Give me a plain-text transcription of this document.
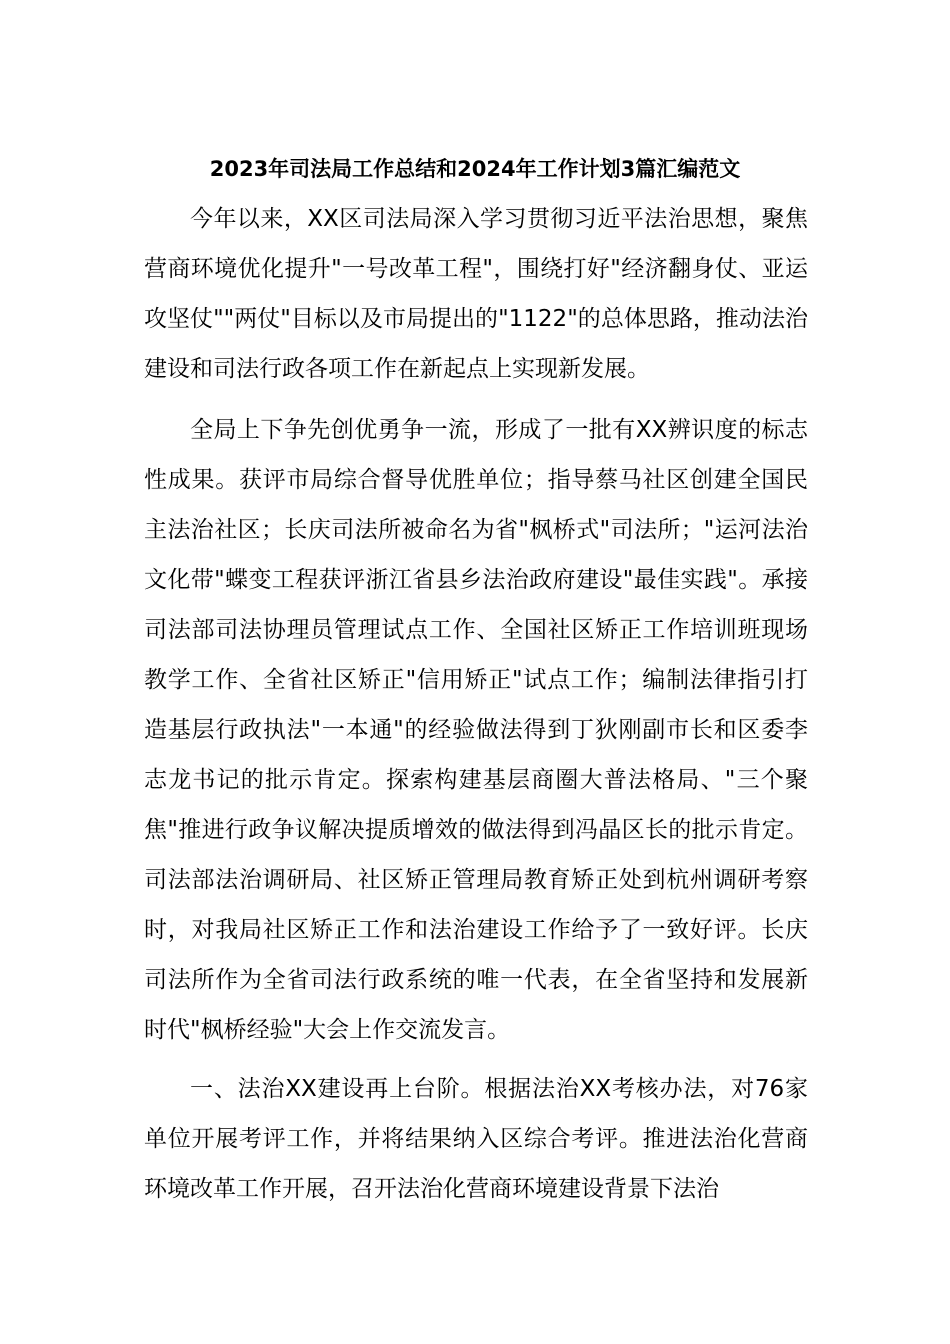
2023年司法局工作总结和2024年工作计划3篇汇编范文

今年以来，XX区司法局深入学习贯彻习近平法治思想，聚焦营商环境优化提升"一号改革工程"，围绕打好"经济翻身仗、亚运攻坚仗""两仗"目标以及市局提出的"1122"的总体思路，推动法治建设和司法行政各项工作在新起点上实现新发展。

全局上下争先创优勇争一流，形成了一批有XX辨识度的标志性成果。获评市局综合督导优胜单位；指导蔡马社区创建全国民主法治社区；长庆司法所被命名为省"枫桥式"司法所；"运河法治文化带"蝶变工程获评浙江省县乡法治政府建设"最佳实践"。承接司法部司法协理员管理试点工作、全国社区矫正工作培训班现场教学工作、全省社区矫正"信用矫正"试点工作；编制法律指引打造基层行政执法"一本通"的经验做法得到丁狄刚副市长和区委李志龙书记的批示肯定。探索构建基层商圈大普法格局、"三个聚焦"推进行政争议解决提质增效的做法得到冯晶区长的批示肯定。司法部法治调研局、社区矫正管理局教育矫正处到杭州调研考察时，对我局社区矫正工作和法治建设工作给予了一致好评。长庆司法所作为全省司法行政系统的唯一代表，在全省坚持和发展新时代"枫桥经验"大会上作交流发言。

一、法治XX建设再上台阶。根据法治XX考核办法，对76家单位开展考评工作，并将结果纳入区综合考评。推进法治化营商环境改革工作开展，召开法治化营商环境建设背景下法治
